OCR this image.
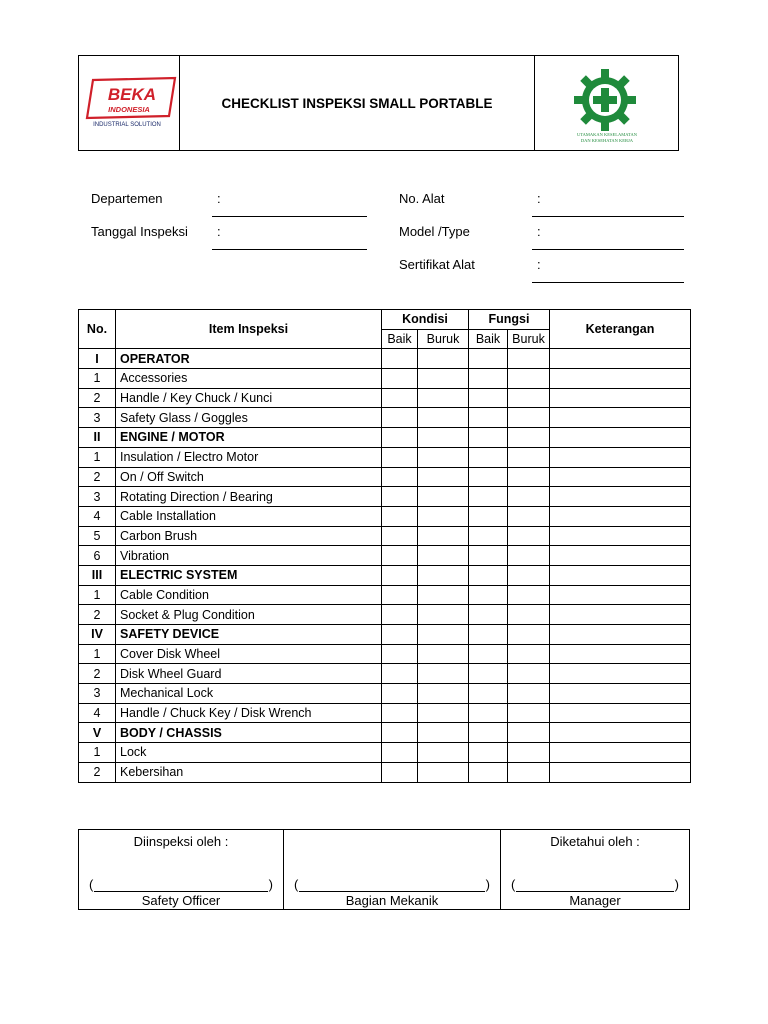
BEKA
INDONESIA
INDUSTRIAL SOLUTION
CHECKLIST INSPEKSI SMALL PORTABLE
UTAMAKAN KESELAMATAN
DAN KESEHATAN KERJA
Departemen	:
Tanggal Inspeksi :
No. Alat	:
Model /Type	:
Sertifikat Alat	:
No.	Item Inspeksi	Kondisi		Fungsi		Keterangan
		Baik	Buruk	Baik	Buruk	
I	OPERATOR					
1	Accessories					
2	Handle / Key Chuck / Kunci					
3	Safety Glass / Goggles					
II	ENGINE / MOTOR					
1	Insulation / Electro Motor					
2	On / Off Switch					
3	Rotating Direction / Bearing					
4	Cable Installation					
5	Carbon Brush					
6	Vibration					
III	ELECTRIC SYSTEM					
1	Cable Condition					
2	Socket & Plug Condition					
IV	SAFETY DEVICE					
1	Cover Disk Wheel					
2	Disk Wheel Guard					
3	Mechanical Lock					
4	Handle / Chuck Key / Disk Wrench					
V	BODY / CHASSIS					
1	Lock					
2	Kebersihan					
Diinspeksi oleh :
(	)
Safety Officer
(	)
Bagian Mekanik
Diketahui oleh :
(	)
Manager
